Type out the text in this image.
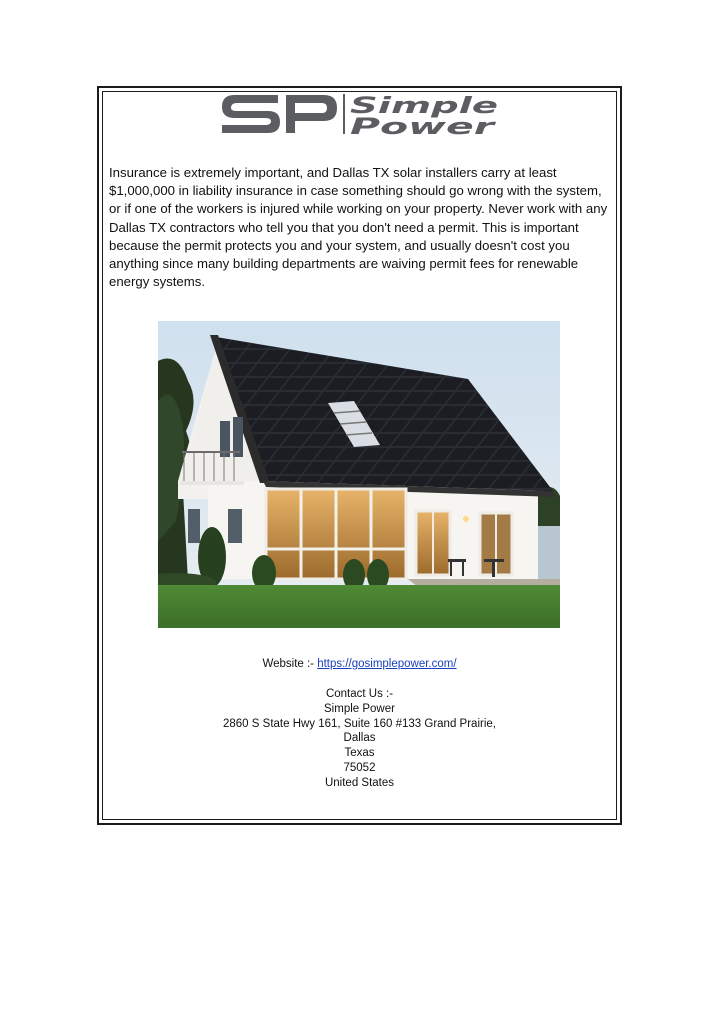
Simple
Power

Insurance is extremely important, and Dallas TX solar installers carry at least $1,000,000 in liability insurance in case something should go wrong with the system, or if one of the workers is injured while working on your property. Never work with any Dallas TX contractors who tell you that you don't need a permit. This is important because the permit protects you and your system, and usually doesn't cost you anything since many building departments are waiving permit fees for renewable energy systems.

Website :- https://gosimplepower.com/
Contact Us :-
Simple Power
2860 S State Hwy 161, Suite 160 #133 Grand Prairie,
Dallas
Texas
75052
United States
